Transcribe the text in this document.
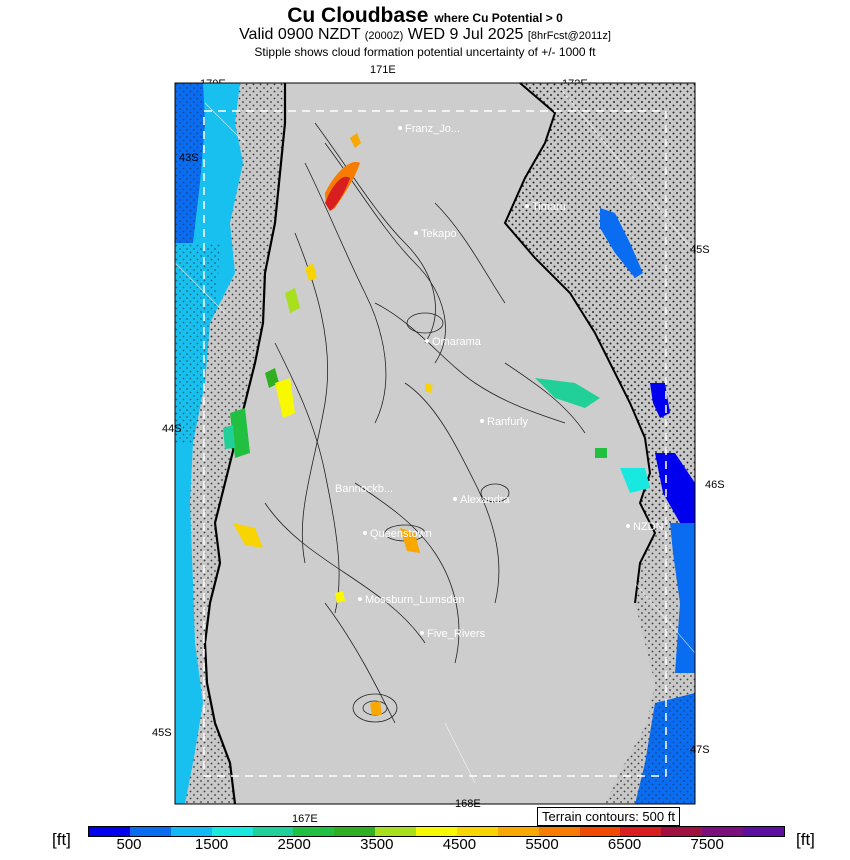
Cu Cloudbase where Cu Potential > 0
Valid 0900 NZDT (2000Z) WED 9 Jul 2025 [8hrFcst@2011z]
Stipple shows cloud formation potential uncertainty of +/- 1000 ft
171E
45S
167E
43S
44S
45S
46S
47S
168E
Franz_Jo...
Timaru
Tekapo
Omarama
Ranfurly
Alexandra
Bannockb...
Queenstown
Mossburn_Lumsden
Five_Rivers
NZDN
Terrain contours: 500 ft
[ft]	[ft]
500	1500	2500	3500	4500	5500	6500	7500
